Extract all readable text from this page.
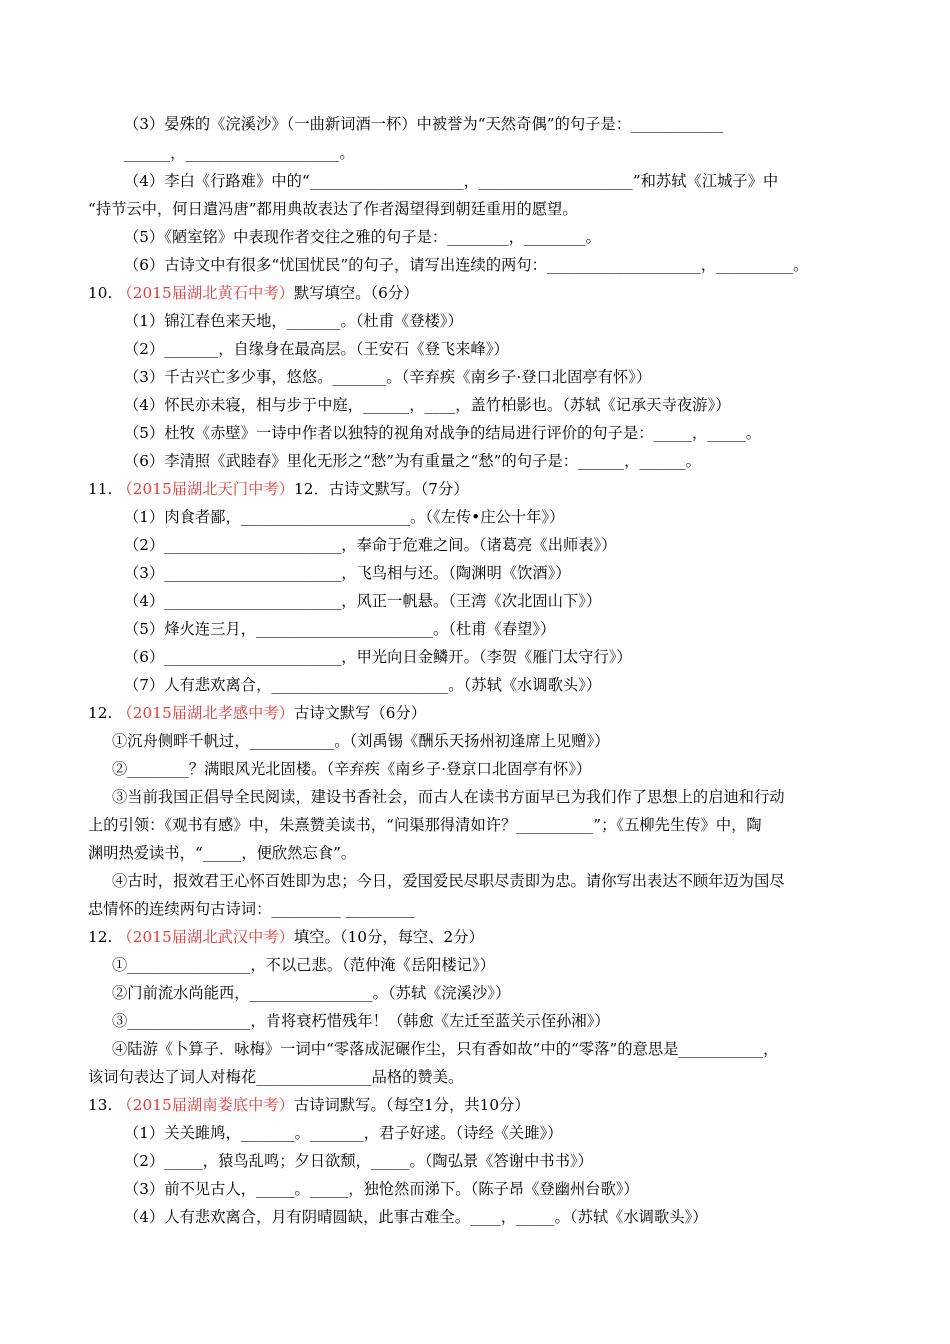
（3）晏殊的《浣溪沙》（一曲新词酒一杯）中被誉为“天然奇偶”的句子是：____________
______，____________________。
（4）李白《行路难》中的“____________________，____________________”和苏轼《江城子》中
“持节云中，何日遣冯唐”都用典故表达了作者渴望得到朝廷重用的愿望。
（5）《陋室铭》中表现作者交往之雅的句子是：________，________。
（6）古诗文中有很多“忧国忧民”的句子，请写出连续的两句：____________________，__________。
10. （2015届湖北黄石中考）默写填空。（6分）
（1）锦江春色来天地，_______。（杜甫《登楼》）
（2）_______，自缘身在最高层。（王安石《登飞来峰》）
（3）千古兴亡多少事，悠悠。_______。（辛弃疾《南乡子·登口北固亭有怀》）
（4）怀民亦未寝，相与步于中庭，______，____，盖竹柏影也。（苏轼《记承天寺夜游》）
（5）杜牧《赤壁》一诗中作者以独特的视角对战争的结局进行评价的句子是：_____，_____。
（6）李清照《武睦春》里化无形之“愁”为有重量之“愁”的句子是：______，______。
11. （2015届湖北天门中考）12．古诗文默写。（7分）
（1）肉食者鄙，______________________。（《左传•庄公十年》）
（2）_______________________，奉命于危难之间。（诸葛亮《出师表》）
（3）_______________________，飞鸟相与还。（陶渊明《饮酒》）
（4）_______________________，风正一帆悬。（王湾《次北固山下》）
（5）烽火连三月，_______________________。（杜甫《春望》）
（6）_______________________，甲光向日金鳞开。（李贺《雁门太守行》）
（7）人有悲欢离合，_______________________。（苏轼《水调歌头》）
12. （2015届湖北孝感中考）古诗文默写（6分）
①沉舟侧畔千帆过，___________。（刘禹锡《酬乐天扬州初逢席上见赠》）
②________？满眼风光北固楼。（辛弃疾《南乡子·登京口北固亭有怀》）
③当前我国正倡导全民阅读，建设书香社会，而古人在读书方面早已为我们作了思想上的启迪和行动
上的引领：《观书有感》中，朱熹赞美读书，“问渠那得清如许？__________”；《五柳先生传》中，陶
渊明热爱读书，“_____，便欣然忘食”。
④古时，报效君王心怀百姓即为忠；今日，爱国爱民尽职尽责即为忠。请你写出表达不顾年迈为国尽
忠情怀的连续两句古诗词：_________ _________
12. （2015届湖北武汉中考）填空。（10分，每空、2分）
①________________，不以己悲。（范仲淹《岳阳楼记》）
②门前流水尚能西，________________。（苏轼《浣溪沙》）
③________________，肯将衰朽惜残年！（韩愈《左迁至蓝关示侄孙湘》）
④陆游《卜算子．咏梅》一词中“零落成泥碾作尘，只有香如故”中的“零落”的意思是___________，
该词句表达了词人对梅花_______________品格的赞美。
13. （2015届湖南娄底中考）古诗词默写。（每空1分，共10分）
（1）关关雎鸠，_______。_______，君子好逑。（诗经《关雎》）
（2）_____，猿鸟乱鸣；夕日欲颓，_____。（陶弘景《答谢中书书》）
（3）前不见古人，_____。_____，独怆然而涕下。（陈子昂《登幽州台歌》）
（4）人有悲欢离合，月有阴晴圆缺，此事古难全。____，_____。（苏轼《水调歌头》）
